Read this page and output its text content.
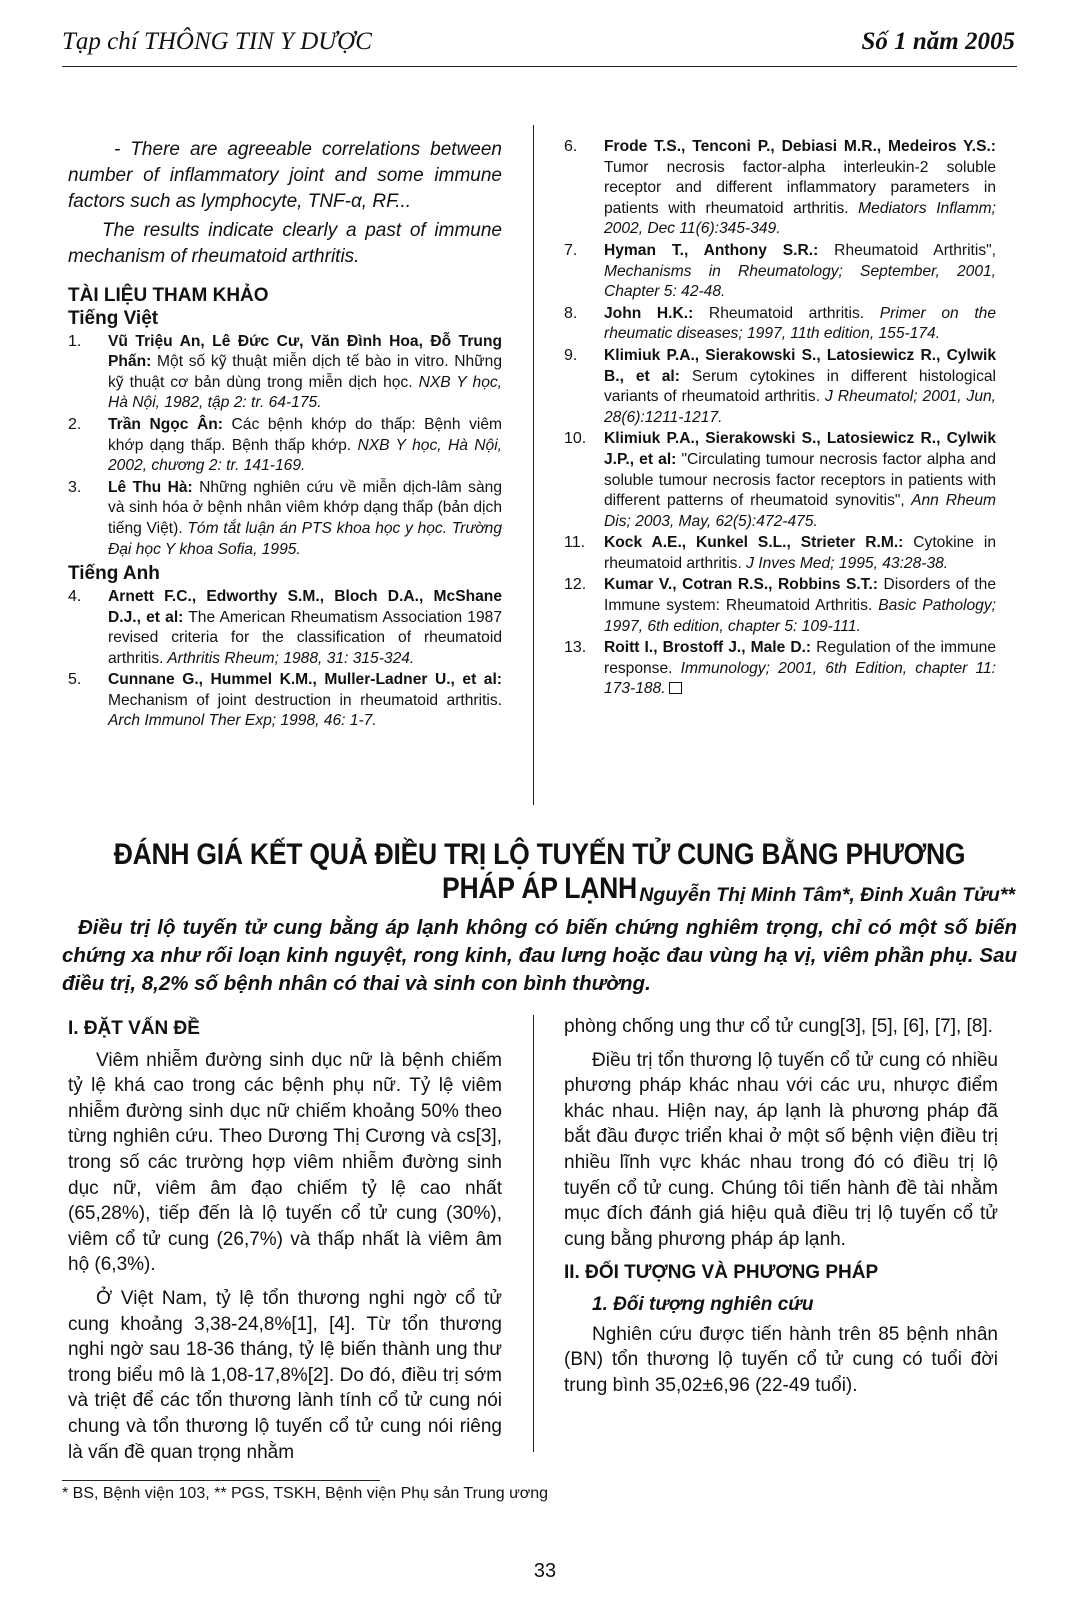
Tạp chí THÔNG TIN Y DƯỢC	Số 1 năm 2005

- There are agreeable correlations between number of inflammatory joint and some immune factors such as lymphocyte, TNF-α, RF...

The results indicate clearly a past of immune mechanism of rheumatoid arthritis.

TÀI LIỆU THAM KHẢO
Tiếng Việt
1.	Vũ Triệu An, Lê Đức Cư, Văn Đình Hoa, Đỗ Trung Phấn: Một số kỹ thuật miễn dịch tế bào in vitro. Những kỹ thuật cơ bản dùng trong miễn dịch học. NXB Y học, Hà Nội, 1982, tập 2: tr. 64-175.
2.	Trần Ngọc Ân: Các bệnh khớp do thấp: Bệnh viêm khớp dạng thấp. Bệnh thấp khớp. NXB Y học, Hà Nội, 2002, chương 2: tr. 141-169.
3.	Lê Thu Hà: Những nghiên cứu về miễn dịch-lâm sàng và sinh hóa ở bệnh nhân viêm khớp dạng thấp (bản dịch tiếng Việt). Tóm tắt luận án PTS khoa học y học. Trường Đại học Y khoa Sofia, 1995.
Tiếng Anh
4.	Arnett F.C., Edworthy S.M., Bloch D.A., McShane D.J., et al: The American Rheumatism Association 1987 revised criteria for the classification of rheumatoid arthritis. Arthritis Rheum; 1988, 31: 315-324.
5.	Cunnane G., Hummel K.M., Muller-Ladner U., et al: Mechanism of joint destruction in rheumatoid arthritis. Arch Immunol Ther Exp; 1998, 46: 1-7.
6.	Frode T.S., Tenconi P., Debiasi M.R., Medeiros Y.S.: Tumor necrosis factor-alpha interleukin-2 soluble receptor and different inflammatory parameters in patients with rheumatoid arthritis. Mediators Inflamm; 2002, Dec 11(6):345-349.
7.	Hyman T., Anthony S.R.: Rheumatoid Arthritis", Mechanisms in Rheumatology; September, 2001, Chapter 5: 42-48.
8.	John H.K.: Rheumatoid arthritis. Primer on the rheumatic diseases; 1997, 11th edition, 155-174.
9.	Klimiuk P.A., Sierakowski S., Latosiewicz R., Cylwik B., et al: Serum cytokines in different histological variants of rheumatoid arthritis. J Rheumatol; 2001, Jun, 28(6):1211-1217.
10.	Klimiuk P.A., Sierakowski S., Latosiewicz R., Cylwik J.P., et al: "Circulating tumour necrosis factor alpha and soluble tumour necrosis factor receptors in patients with different patterns of rheumatoid synovitis", Ann Rheum Dis; 2003, May, 62(5):472-475.
11.	Kock A.E., Kunkel S.L., Strieter R.M.: Cytokine in rheumatoid arthritis. J Inves Med; 1995, 43:28-38.
12.	Kumar V., Cotran R.S., Robbins S.T.: Disorders of the Immune system: Rheumatoid Arthritis. Basic Pathology; 1997, 6th edition, chapter 5: 109-111.
13.	Roitt I., Brostoff J., Male D.: Regulation of the immune response. Immunology; 2001, 6th Edition, chapter 11: 173-188.
ĐÁNH GIÁ KẾT QUẢ ĐIỀU TRỊ LỘ TUYẾN TỬ CUNG BẰNG PHƯƠNG PHÁP ÁP LẠNH Nguyễn Thị Minh Tâm*, Đinh Xuân Tửu**
Điều trị lộ tuyến tử cung bằng áp lạnh không có biến chứng nghiêm trọng, chỉ có một số biến chứng xa như rối loạn kinh nguyệt, rong kinh, đau lưng hoặc đau vùng hạ vị, viêm phần phụ. Sau điều trị, 8,2% số bệnh nhân có thai và sinh con bình thường.

I. ĐẶT VẤN ĐỀ

Viêm nhiễm đường sinh dục nữ là bệnh chiếm tỷ lệ khá cao trong các bệnh phụ nữ. Tỷ lệ viêm nhiễm đường sinh dục nữ chiếm khoảng 50% theo từng nghiên cứu. Theo Dương Thị Cương và cs[3], trong số các trường hợp viêm nhiễm đường sinh dục nữ, viêm âm đạo chiếm tỷ lệ cao nhất (65,28%), tiếp đến là lộ tuyến cổ tử cung (30%), viêm cổ tử cung (26,7%) và thấp nhất là viêm âm hộ (6,3%).

Ở Việt Nam, tỷ lệ tổn thương nghi ngờ cổ tử cung khoảng 3,38-24,8%[1], [4]. Từ tổn thương nghi ngờ sau 18-36 tháng, tỷ lệ biến thành ung thư trong biểu mô là 1,08-17,8%[2]. Do đó, điều trị sớm và triệt để các tổn thương lành tính cổ tử cung nói chung và tổn thương lộ tuyến cổ tử cung nói riêng là vấn đề quan trọng nhằm

phòng chống ung thư cổ tử cung[3], [5], [6], [7], [8].

Điều trị tổn thương lộ tuyến cổ tử cung có nhiều phương pháp khác nhau với các ưu, nhược điểm khác nhau. Hiện nay, áp lạnh là phương pháp đã bắt đầu được triển khai ở một số bệnh viện điều trị nhiều lĩnh vực khác nhau trong đó có điều trị lộ tuyến cổ tử cung. Chúng tôi tiến hành đề tài nhằm mục đích đánh giá hiệu quả điều trị lộ tuyến cổ tử cung bằng phương pháp áp lạnh.

II. ĐỐI TƯỢNG VÀ PHƯƠNG PHÁP

1. Đối tượng nghiên cứu

Nghiên cứu được tiến hành trên 85 bệnh nhân (BN) tổn thương lộ tuyến cổ tử cung có tuổi đời trung bình 35,02±6,96 (22-49 tuổi).

* BS, Bệnh viện 103, ** PGS, TSKH, Bệnh viện Phụ sản Trung ương
33
